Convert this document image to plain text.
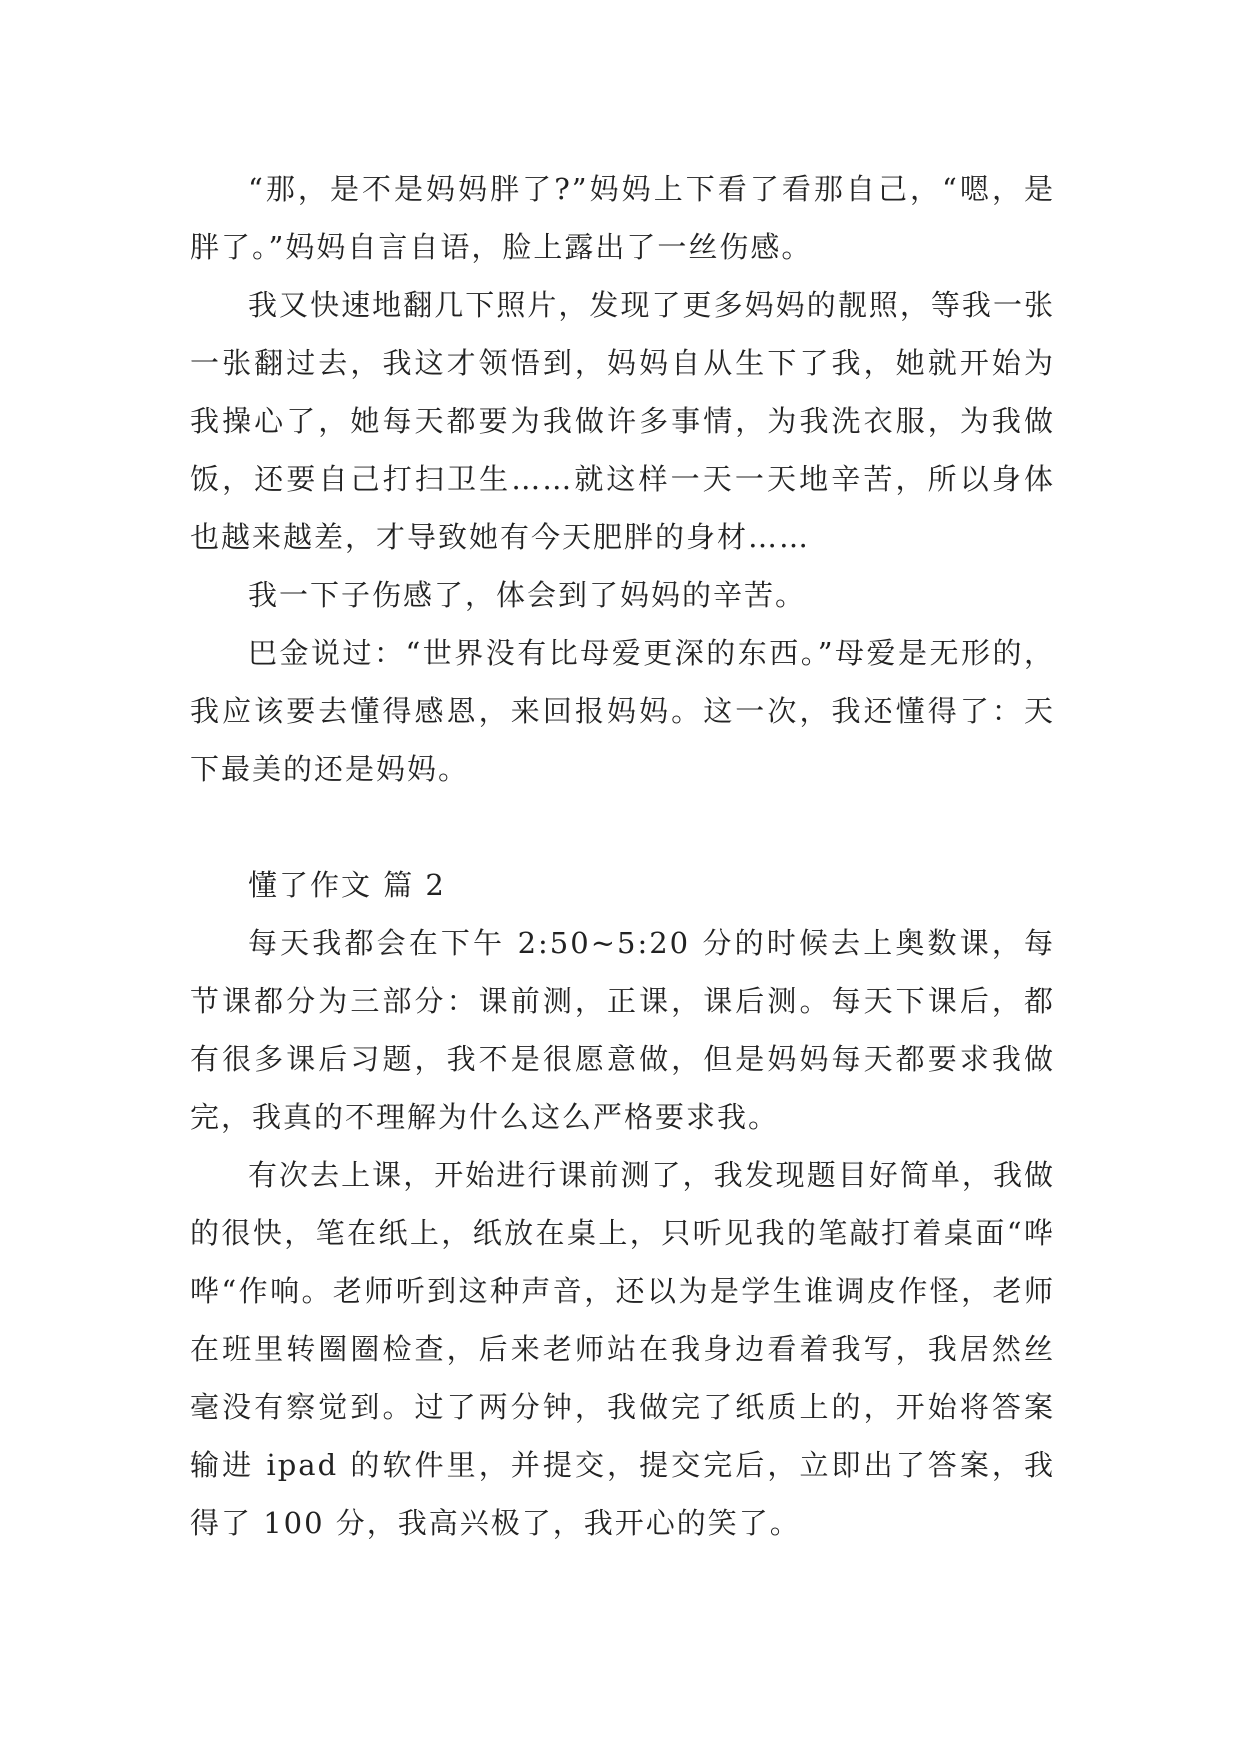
“那，是不是妈妈胖了?”妈妈上下看了看那自己，“嗯，是胖了。”妈妈自言自语，脸上露出了一丝伤感。

我又快速地翻几下照片，发现了更多妈妈的靓照，等我一张一张翻过去，我这才领悟到，妈妈自从生下了我，她就开始为我操心了，她每天都要为我做许多事情，为我洗衣服，为我做饭，还要自己打扫卫生……就这样一天一天地辛苦，所以身体也越来越差，才导致她有今天肥胖的身材……

我一下子伤感了，体会到了妈妈的辛苦。

巴金说过：“世界没有比母爱更深的东西。”母爱是无形的，我应该要去懂得感恩，来回报妈妈。这一次，我还懂得了：天下最美的还是妈妈。

懂了作文 篇 2

每天我都会在下午 2:50~5:20 分的时候去上奥数课，每节课都分为三部分：课前测，正课，课后测。每天下课后，都有很多课后习题，我不是很愿意做，但是妈妈每天都要求我做完，我真的不理解为什么这么严格要求我。

有次去上课，开始进行课前测了，我发现题目好简单，我做的很快，笔在纸上，纸放在桌上，只听见我的笔敲打着桌面“哗哗“作响。老师听到这种声音，还以为是学生谁调皮作怪，老师在班里转圈圈检查，后来老师站在我身边看着我写，我居然丝毫没有察觉到。过了两分钟，我做完了纸质上的，开始将答案输进 ipad 的软件里，并提交，提交完后，立即出了答案，我得了 100 分，我高兴极了，我开心的笑了。
